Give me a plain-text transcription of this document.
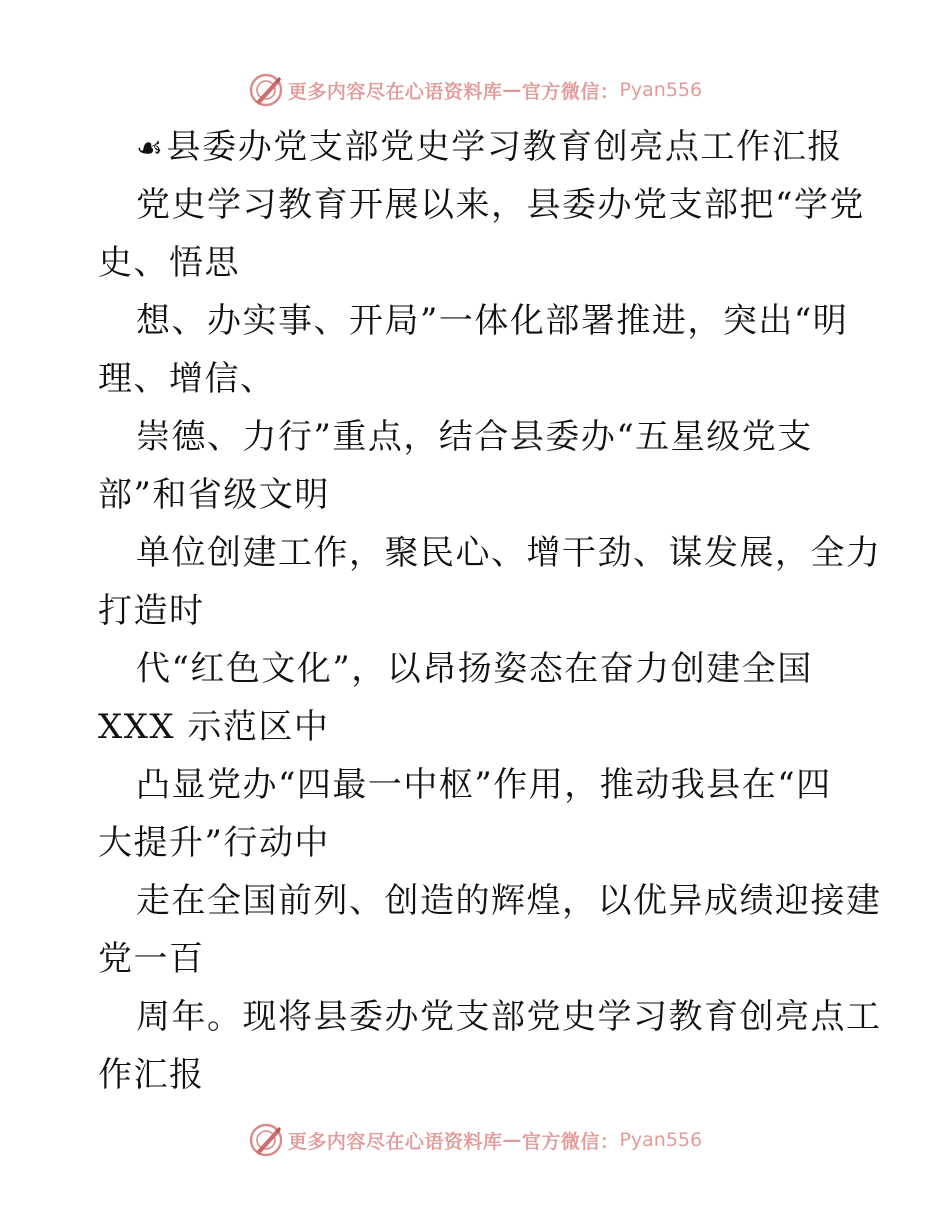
更多内容尽在心语资料库 — 官方微信： Pyan556
☙县委办党支部党史学习教育创亮点工作汇报
党史学习教育开展以来，县委办党支部把“学党
史、悟思
想、办实事、开局”一体化部署推进，突出“明
理、增信、
崇德、力行”重点，结合县委办“五星级党支
部”和省级文明
单位创建工作，聚民心、增干劲、谋发展，全力
打造时
代“红色文化”，以昂扬姿态在奋力创建全国
XXX 示范区中
凸显党办“四最一中枢”作用，推动我县在“四
大提升”行动中
走在全国前列、创造的辉煌，以优异成绩迎接建
党一百
周年。现将县委办党支部党史学习教育创亮点工
作汇报
更多内容尽在心语资料库 — 官方微信： Pyan556
